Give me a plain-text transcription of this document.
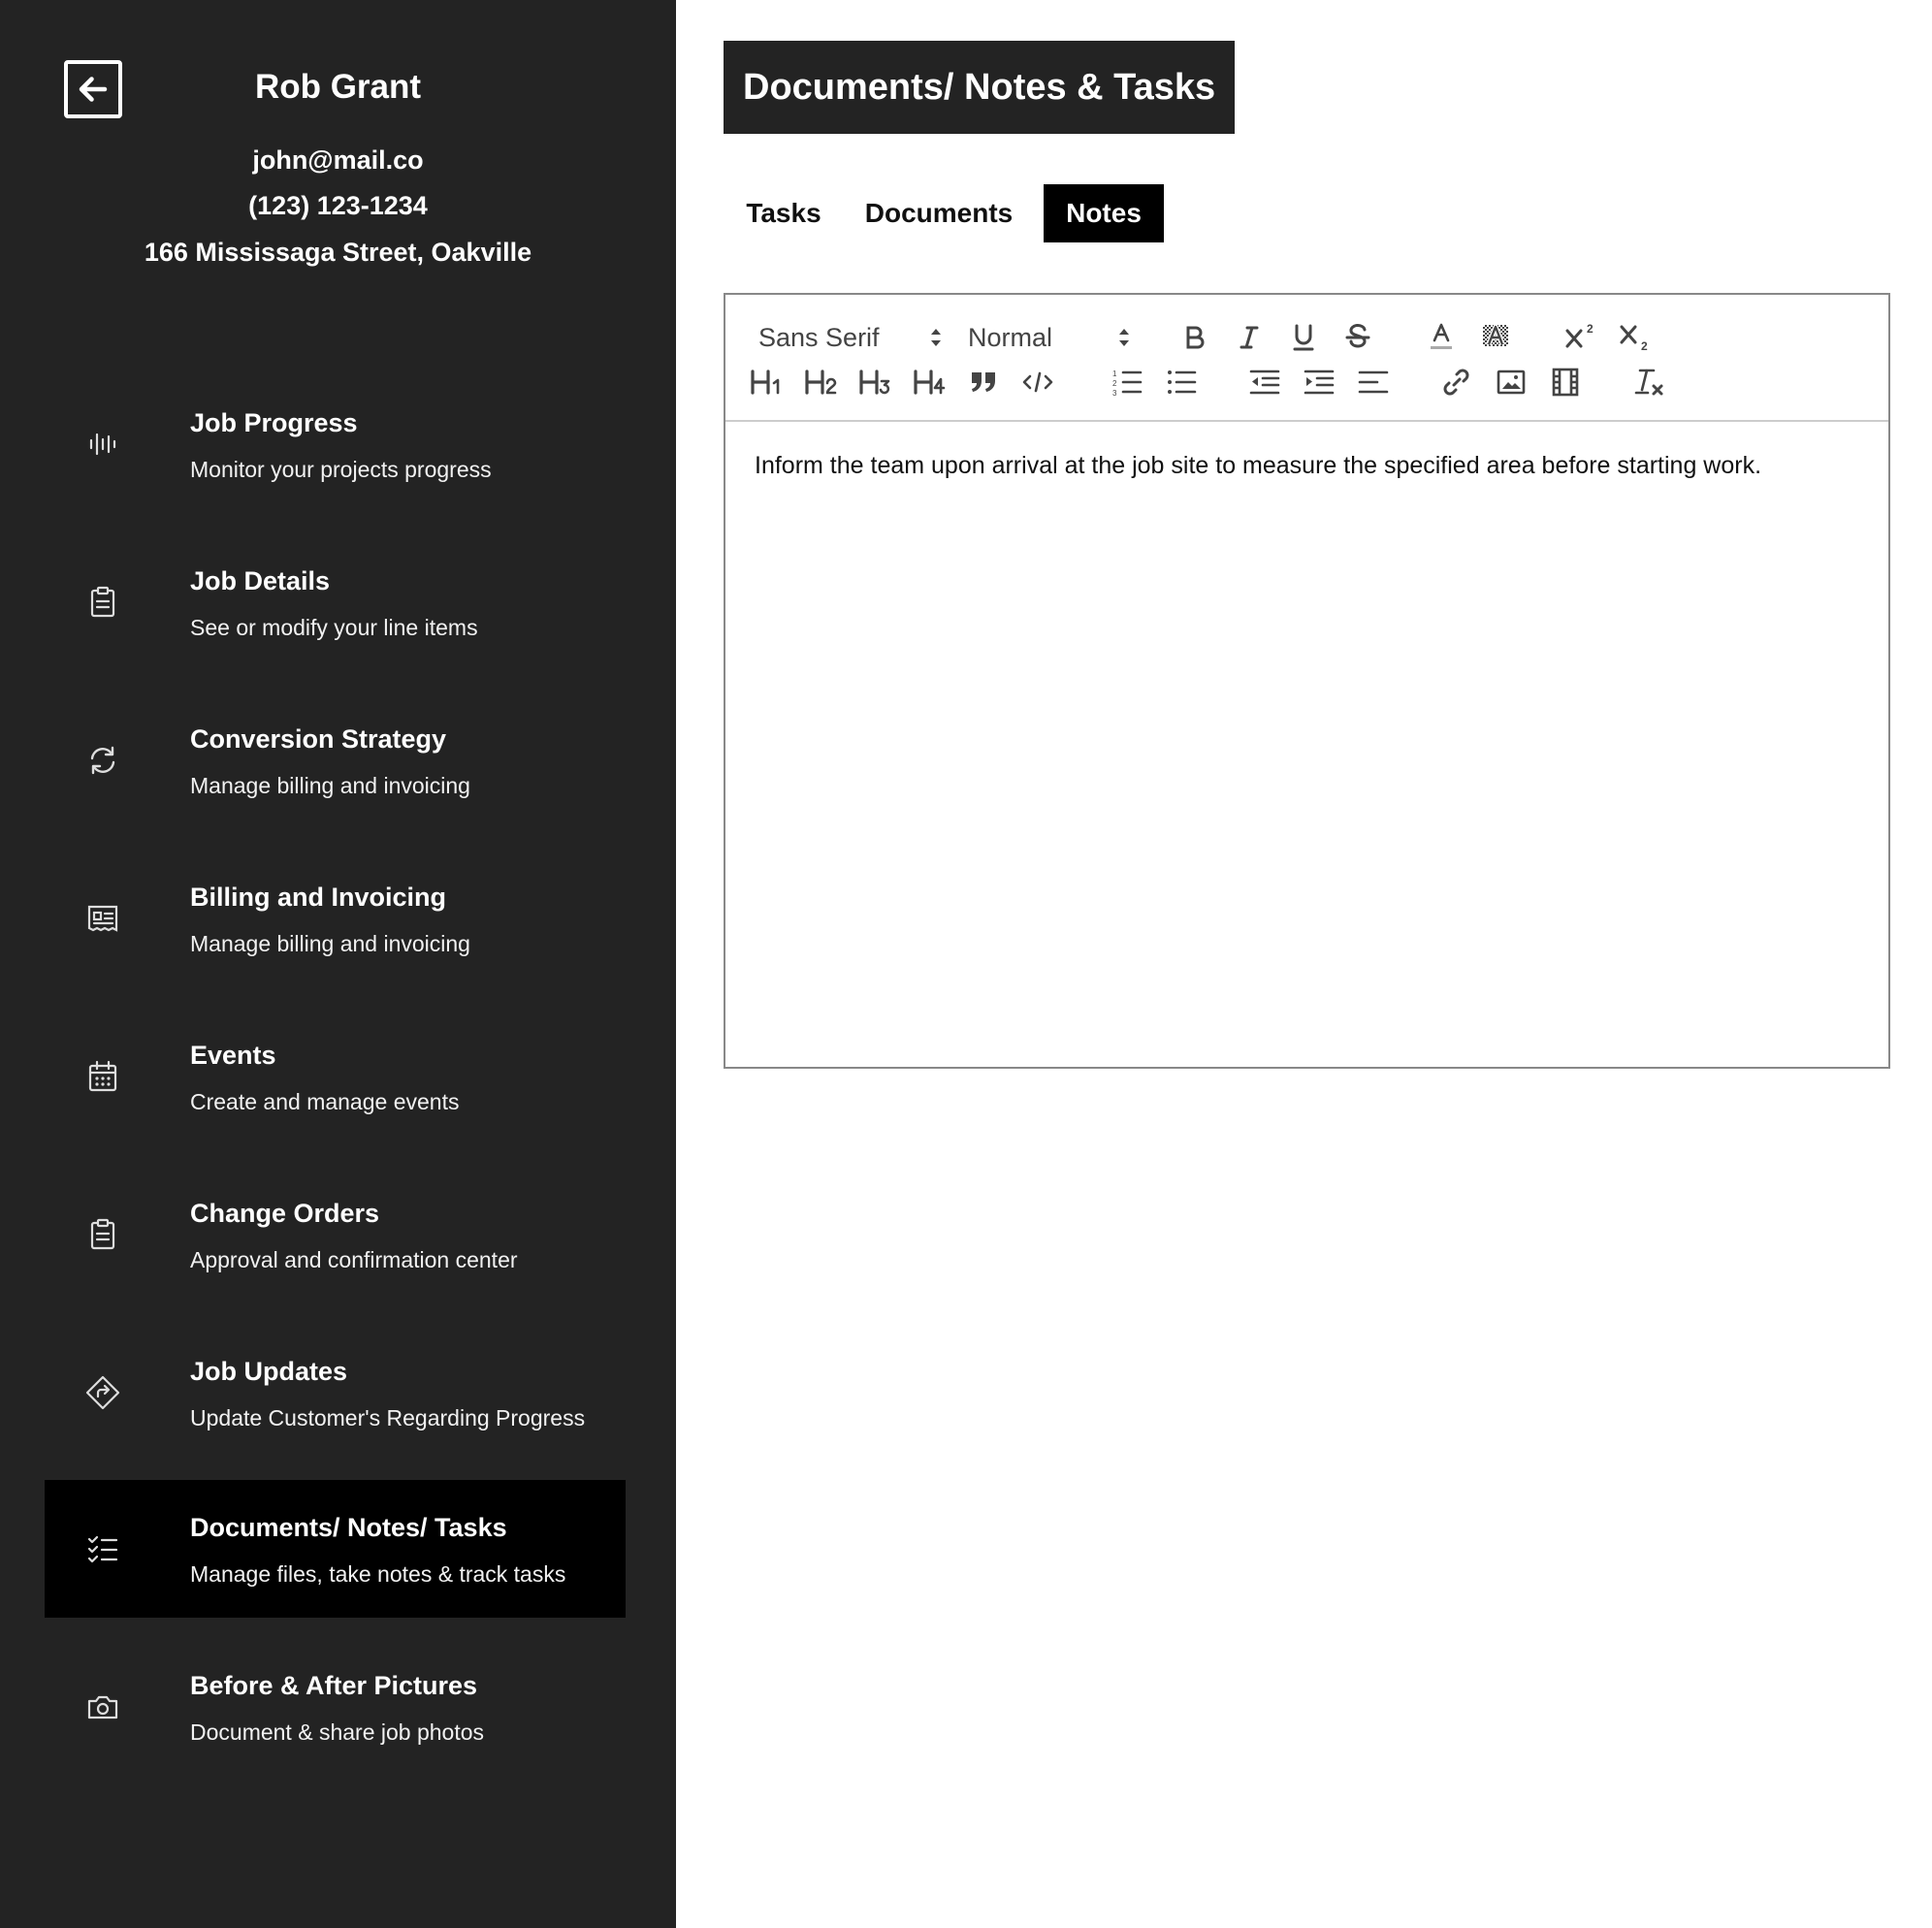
Rob Grant
john@mail.co
(123) 123-1234
166 Mississaga Street, Oakville
Job Progress
Monitor your projects progress
Job Details
See or modify your line items
Conversion Strategy
Manage billing and invoicing
Billing and Invoicing
Manage billing and invoicing
Events
Create and manage events
Change Orders
Approval and confirmation center
Job Updates
Update Customer's Regarding Progress
Documents/ Notes/ Tasks
Manage files, take notes & track tasks
Before & After Pictures
Document & share job photos
Documents/ Notes & Tasks
Tasks	Documents	Notes
Sans Serif	Normal	2
2
1
2
3
Inform the team upon arrival at the job site to measure the specified area before starting work.
